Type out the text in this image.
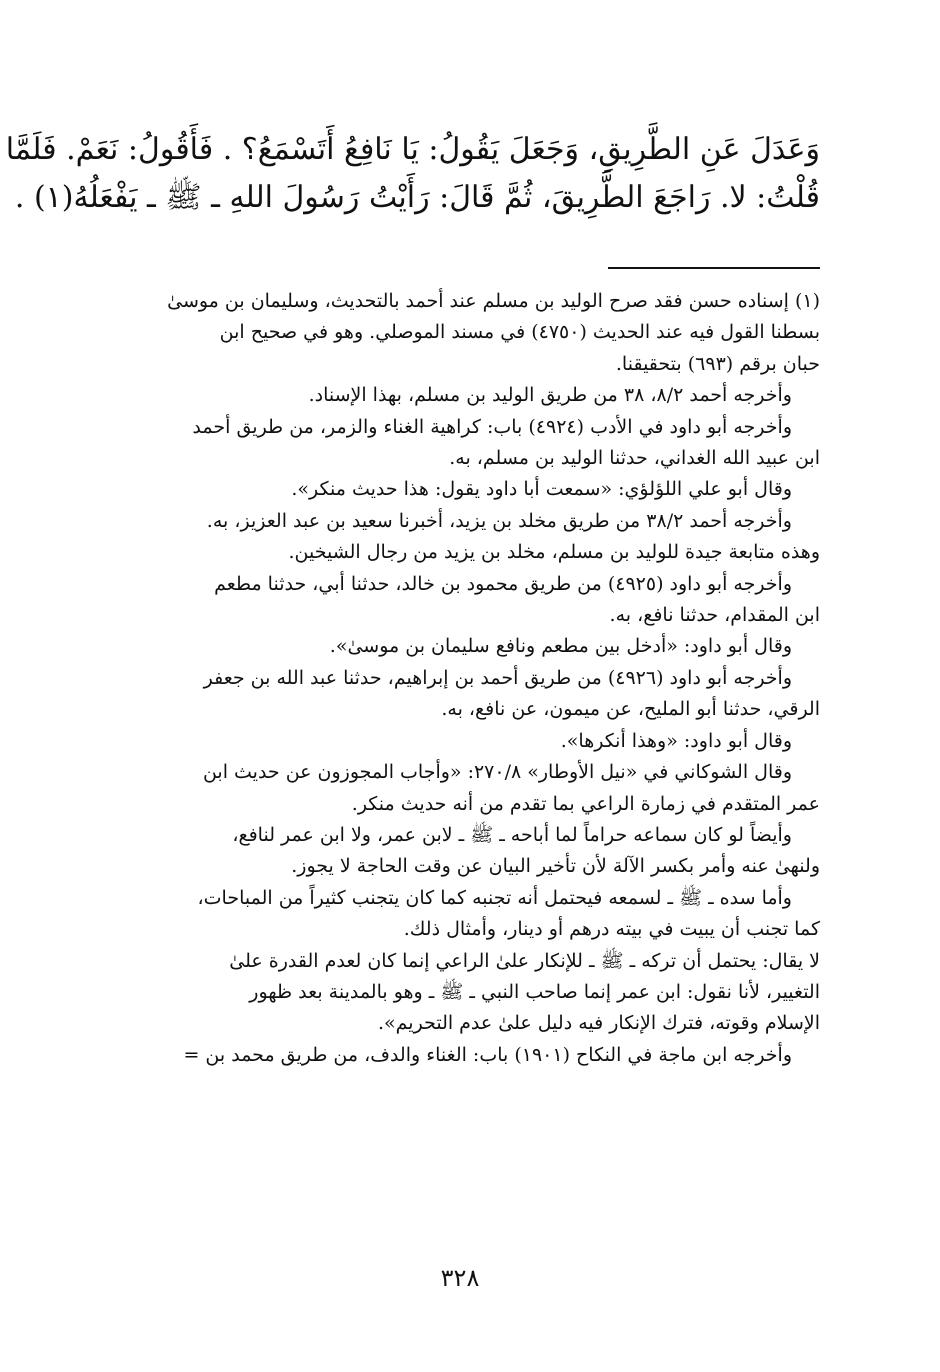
وَعَدَلَ عَنِ الطَّرِيقِ، وَجَعَلَ يَقُولُ: يَا نَافِعُ أَتَسْمَعُ؟ . فَأَقُولُ: نَعَمْ. فَلَمَّا
قُلْتُ: لا. رَاجَعَ الطَّرِيقَ، ثُمَّ قَالَ: رَأَيْتُ رَسُولَ اللهِ ـ ﷺ ـ يَفْعَلُهُ(١) .
(١) إسناده حسن فقد صرح الوليد بن مسلم عند أحمد بالتحديث، وسليمان بن موسىٰ
بسطنا القول فيه عند الحديث (٤٧٥٠) في مسند الموصلي. وهو في صحيح ابن
حبان برقم (٦٩٣) بتحقيقنا.
وأخرجه أحمد ٨/٢، ٣٨ من طريق الوليد بن مسلم، بهذا الإسناد.
وأخرجه أبو داود في الأدب (٤٩٢٤) باب: كراهية الغناء والزمر، من طريق أحمد
ابن عبيد الله الغداني، حدثنا الوليد بن مسلم، به.
وقال أبو علي اللؤلؤي: «سمعت أبا داود يقول: هذا حديث منكر».
وأخرجه أحمد ٣٨/٢ من طريق مخلد بن يزيد، أخبرنا سعيد بن عبد العزيز، به.
وهذه متابعة جيدة للوليد بن مسلم، مخلد بن يزيد من رجال الشيخين.
وأخرجه أبو داود (٤٩٢٥) من طريق محمود بن خالد، حدثنا أبي، حدثنا مطعم
ابن المقدام، حدثنا نافع، به.
وقال أبو داود: «أدخل بين مطعم ونافع سليمان بن موسىٰ».
وأخرجه أبو داود (٤٩٢٦) من طريق أحمد بن إبراهيم، حدثنا عبد الله بن جعفر
الرقي، حدثنا أبو المليح، عن ميمون، عن نافع، به.
وقال أبو داود: «وهذا أنكرها».
وقال الشوكاني في «نيل الأوطار» ٢٧٠/٨: «وأجاب المجوزون عن حديث ابن
عمر المتقدم في زمارة الراعي بما تقدم من أنه حديث منكر.
وأيضاً لو كان سماعه حراماً لما أباحه ـ ﷺ ـ لابن عمر، ولا ابن عمر لنافع،
ولنهىٰ عنه وأمر بكسر الآلة لأن تأخير البيان عن وقت الحاجة لا يجوز.
وأما سده ـ ﷺ ـ لسمعه فيحتمل أنه تجنبه كما كان يتجنب كثيراً من المباحات،
كما تجنب أن يبيت في بيته درهم أو دينار، وأمثال ذلك.
لا يقال: يحتمل أن تركه ـ ﷺ ـ للإنكار علىٰ الراعي إنما كان لعدم القدرة علىٰ
التغيير، لأنا نقول: ابن عمر إنما صاحب النبي ـ ﷺ ـ وهو بالمدينة بعد ظهور
الإسلام وقوته، فترك الإنكار فيه دليل علىٰ عدم التحريم».
وأخرجه ابن ماجة في النكاح (١٩٠١) باب: الغناء والدف، من طريق محمد بن =
٣٢٨
